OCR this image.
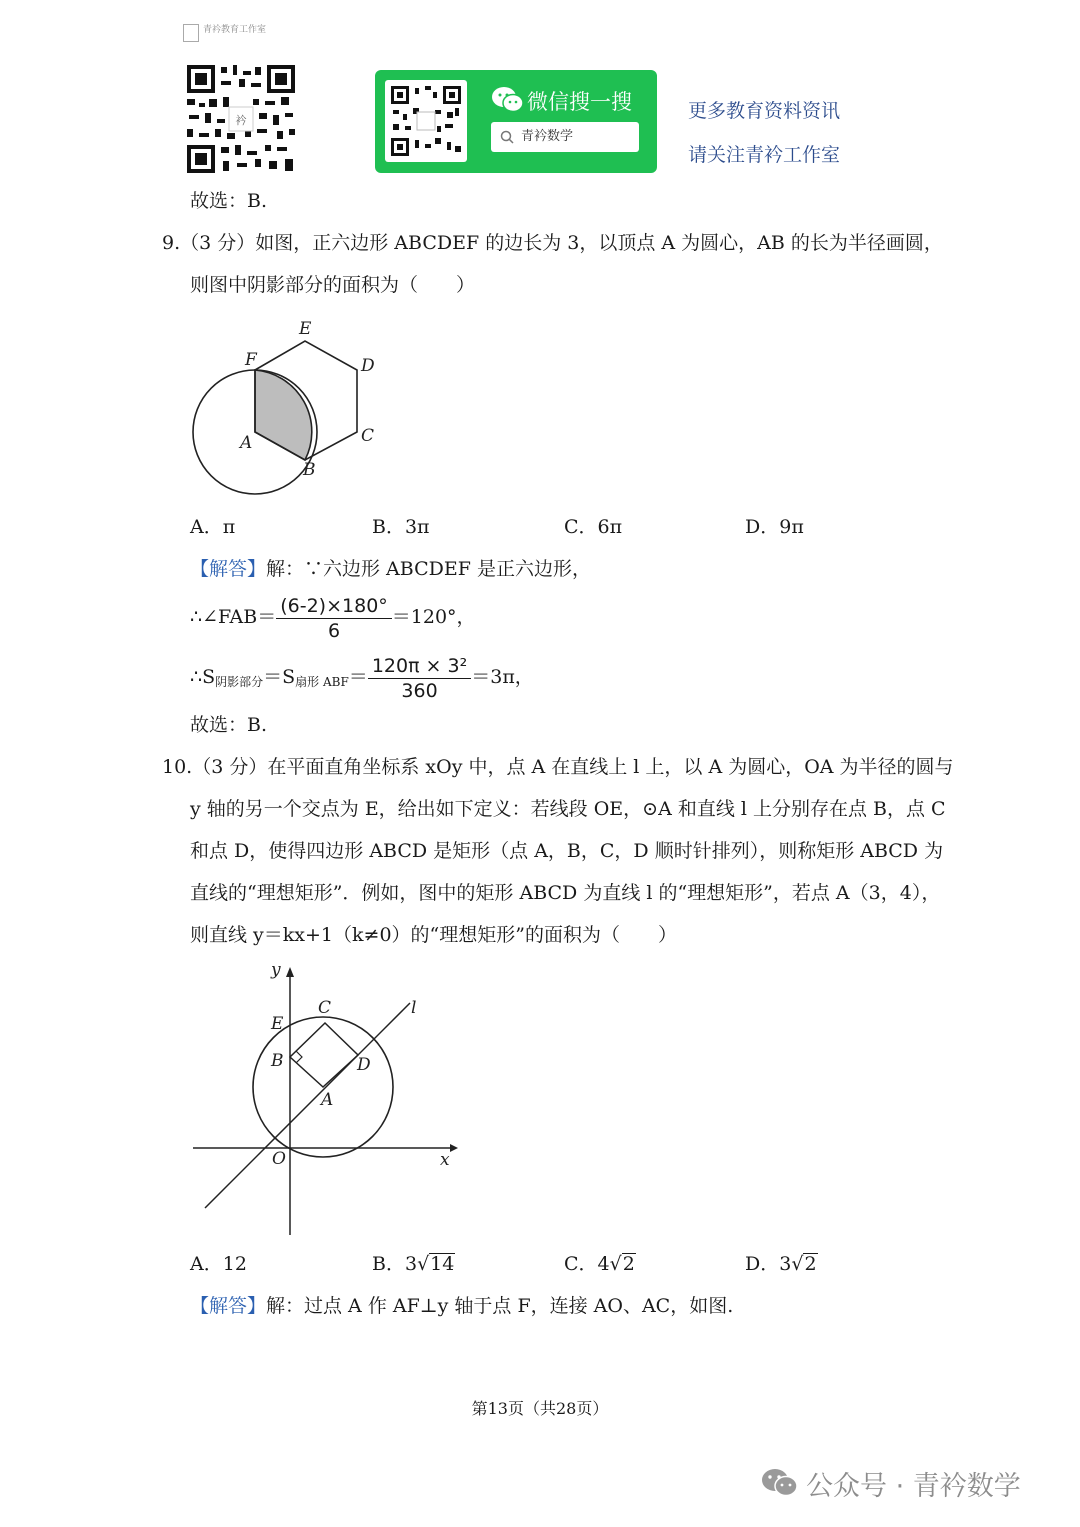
青衿教育工作室
衿
微信搜一搜
青衿数学
更多教育资料资讯
请关注青衿工作室
故选：B.
9.（3 分）如图，正六边形 ABCDEF 的边长为 3，以顶点 A 为圆心，AB 的长为半径画圆，
则图中阴影部分的面积为（　　）
E
F	D
C
A
B
A．π	B．3π	C．6π	D．9π
【解答】解：∵六边形 ABCDEF 是正六边形，
∴∠FAB＝ $\frac{(6-2)\times 180^\circ}{6} =120^\circ$，
$\therefore S_{阴影部分}=S_{扇形 ABF}= \frac{\text{120π × 3²}}{360} =3\pi$，
故选：B.
10.（3 分）在平面直角坐标系 xOy 中，点 A 在直线上 l 上，以 A 为圆心，OA 为半径的圆与
y 轴的另一个交点为 E，给出如下定义：若线段 OE，⊙A 和直线 l 上分别存在点 B，点 C
和点 D，使得四边形 ABCD 是矩形（点 A，B，C，D 顺时针排列），则称矩形 ABCD 为
直线的“理想矩形”．例如，图中的矩形 ABCD 为直线 l 的“理想矩形”，若点 A（3，4），
则直线 y＝kx+1（k≠0）的“理想矩形”的面积为（　　）
y
l
C
E
B	D
A
O	x
A．12	B．3√14	C．4√2	D．3√2
【解答】解：过点 A 作 AF⊥y 轴于点 F，连接 AO、AC，如图.
第13页（共28页）
公众号 · 青衿数学
